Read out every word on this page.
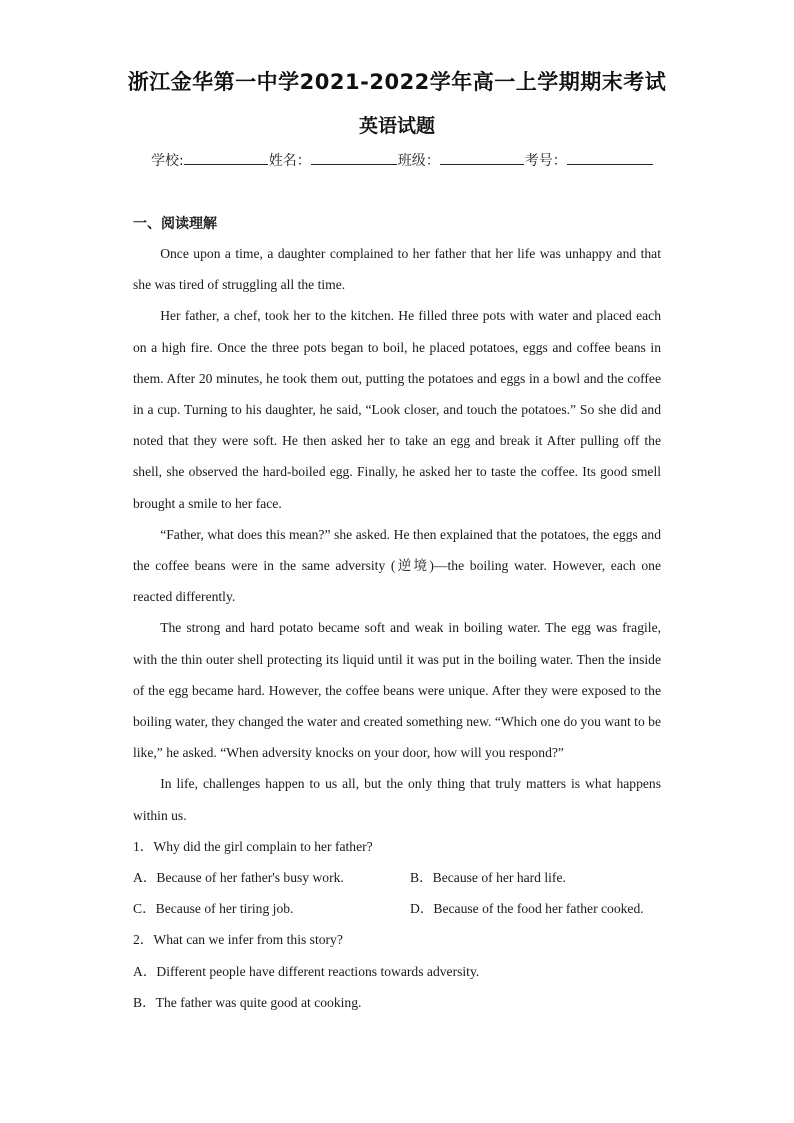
浙江金华第一中学2021-2022学年高一上学期期末考试
英语试题
学校:	姓名：	班级：	考号：
一、阅读理解

Once upon a time, a daughter complained to her father that her life was unhappy and that she was tired of struggling all the time.

Her father, a chef, took her to the kitchen. He filled three pots with water and placed each on a high fire. Once the three pots began to boil, he placed potatoes, eggs and coffee beans in them. After 20 minutes, he took them out, putting the potatoes and eggs in a bowl and the coffee in a cup. Turning to his daughter, he said, “Look closer, and touch the potatoes.” So she did and noted that they were soft. He then asked her to take an egg and break it After pulling off the shell, she observed the hard-boiled egg. Finally, he asked her to taste the coffee. Its good smell brought a smile to her face.

“Father, what does this mean?” she asked. He then explained that the potatoes, the eggs and the coffee beans were in the same adversity (逆境)—the boiling water. However, each one reacted differently.

The strong and hard potato became soft and weak in boiling water. The egg was fragile, with the thin outer shell protecting its liquid until it was put in the boiling water. Then the inside of the egg became hard. However, the coffee beans were unique. After they were exposed to the boiling water, they changed the water and created something new. “Which one do you want to be like,” he asked. “When adversity knocks on your door, how will you respond?”

In life, challenges happen to us all, but the only thing that truly matters is what happens within us.

1．Why did the girl complain to her father?
A．Because of her father's busy work.	B．Because of her hard life.
C．Because of her tiring job.	D．Because of the food her father cooked.
2．What can we infer from this story?
A．Different people have different reactions towards adversity.
B．The father was quite good at cooking.
